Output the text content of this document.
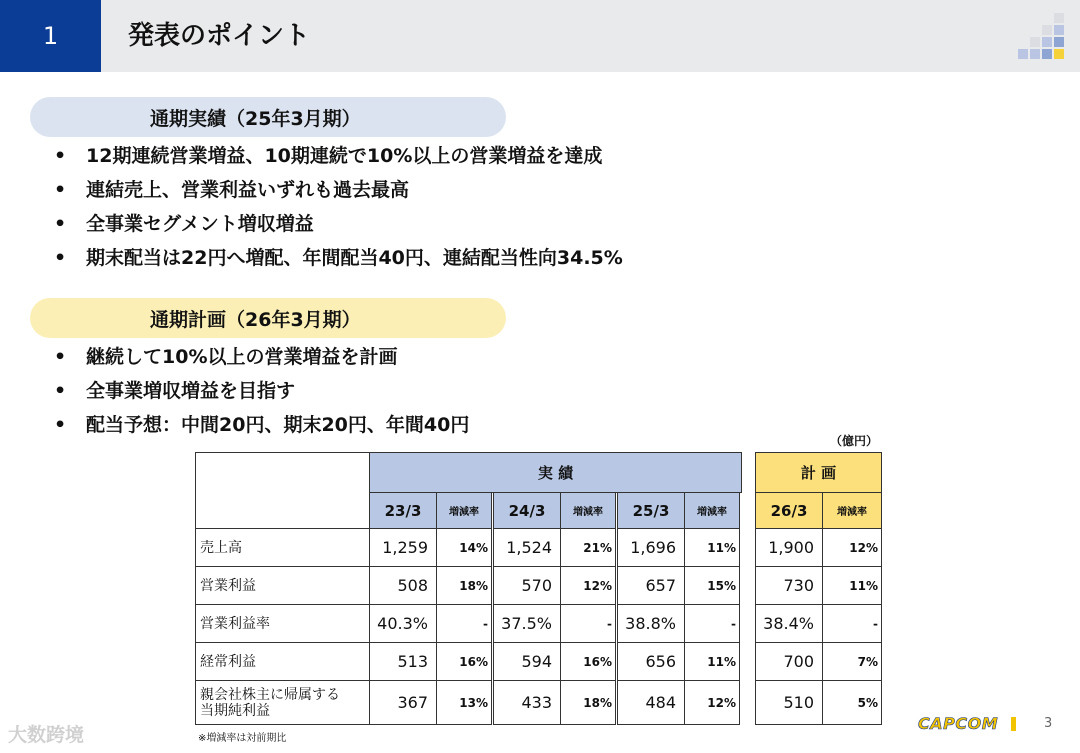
1	発表のポイント
通期実績（25年3月期）
• 12期連続営業増益、10期連続で10%以上の営業増益を達成
• 連結売上、営業利益いずれも過去最高
• 全事業セグメント増収増益
• 期末配当は22円へ増配、年間配当40円、連結配当性向34.5%
通期計画（26年3月期）
• 継続して10%以上の営業増益を計画
• 全事業増収増益を目指す
• 配当予想：中間20円、期末20円、年間40円
（億円）
実 績	計 画
23/3	増減率	24/3	増減率	25/3	増減率	26/3	増減率
売上高	1,259	14%	1,524	21%	1,696	11%	1,900	12%
営業利益	508	18%	570	12%	657	15%	730	11%
営業利益率	40.3%	- 37.5%	- 38.8%	-	38.4%	-
経常利益	513	16%	594	16%	656	11%	700	7%
親会社株主に帰属する
当期純利益	367	13%	433	18%	484	12%	510	5%
※増減率は対前期比
大数跨境
CAPCOM	3
